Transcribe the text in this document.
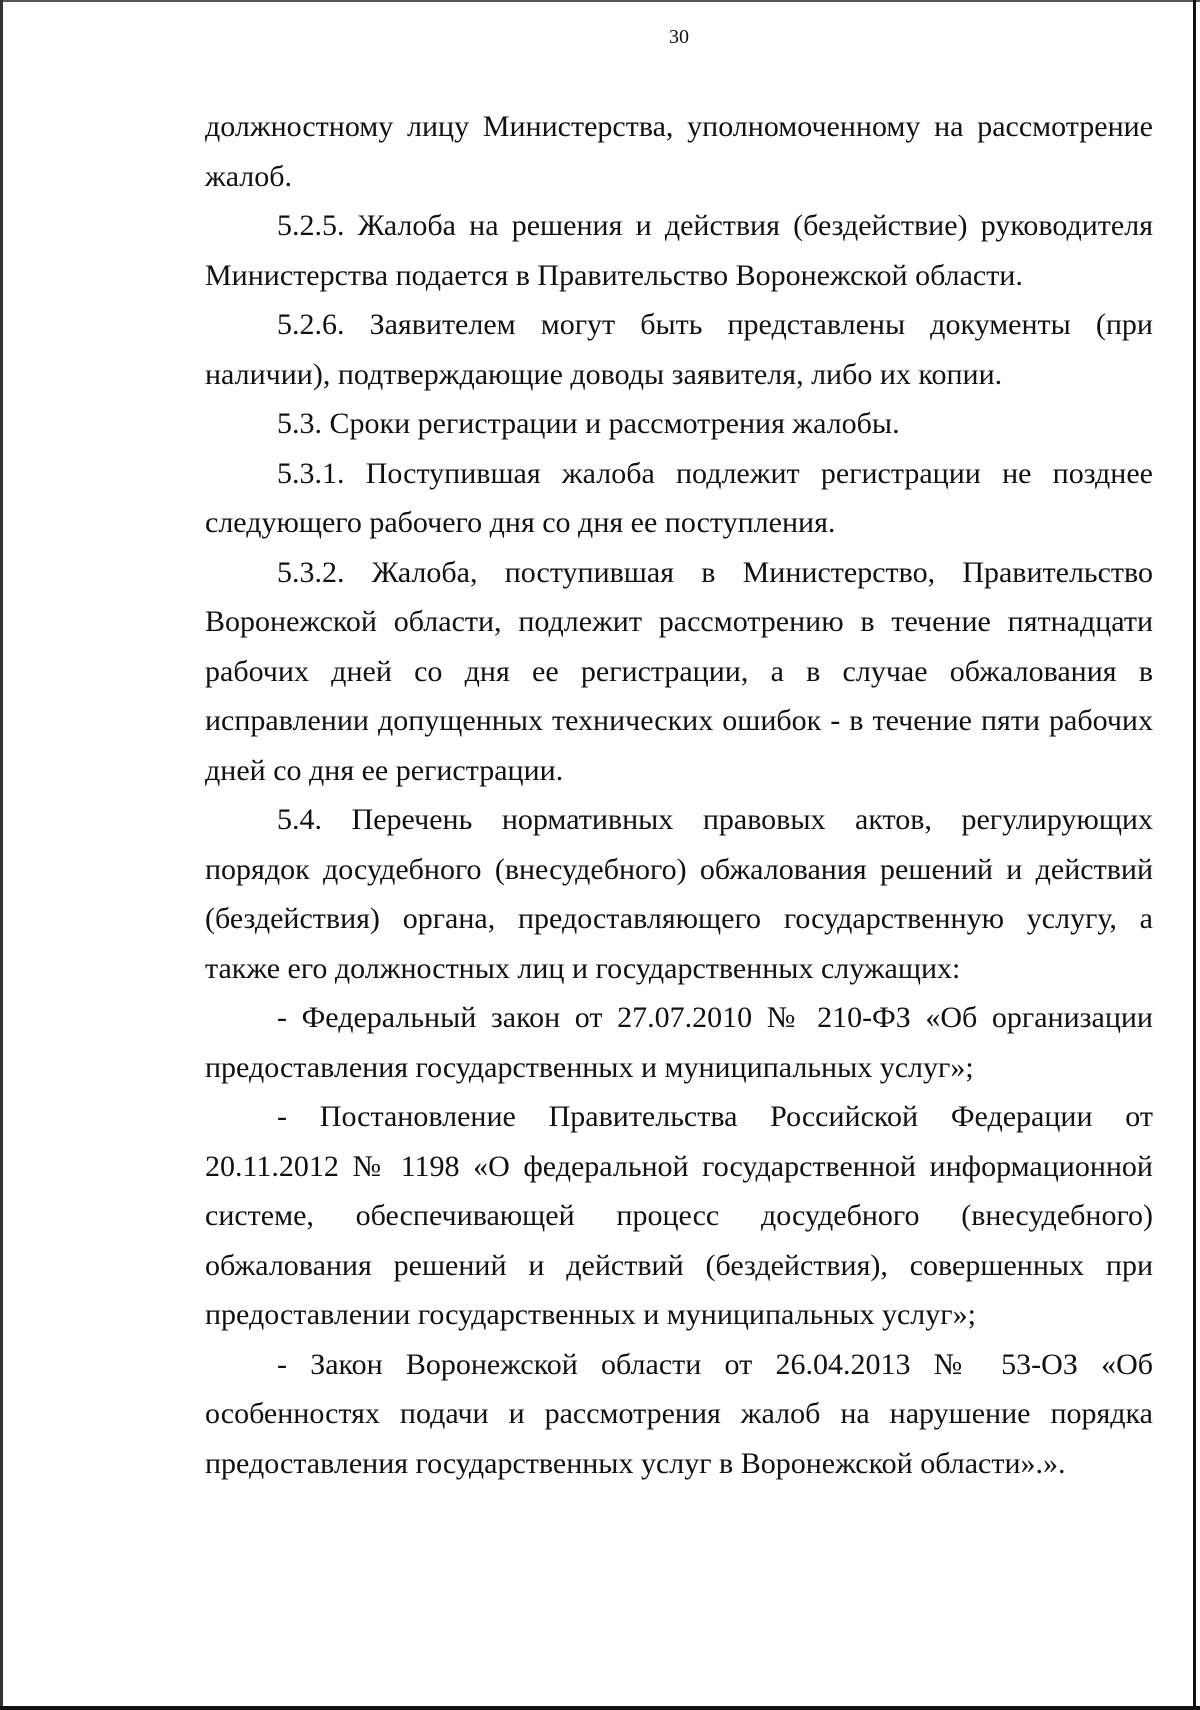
30

должностному лицу Министерства, уполномоченному на рассмотрение жалоб.

5.2.5. Жалоба на решения и действия (бездействие) руководителя Министерства подается в Правительство Воронежской области.

5.2.6. Заявителем могут быть представлены документы (при наличии), подтверждающие доводы заявителя, либо их копии.

5.3. Сроки регистрации и рассмотрения жалобы.

5.3.1. Поступившая жалоба подлежит регистрации не позднее следующего рабочего дня со дня ее поступления.

5.3.2. Жалоба, поступившая в Министерство, Правительство Воронежской области, подлежит рассмотрению в течение пятнадцати рабочих дней со дня ее регистрации, а в случае обжалования в исправлении допущенных технических ошибок - в течение пяти рабочих дней со дня ее регистрации.

5.4. Перечень нормативных правовых актов, регулирующих порядок досудебного (внесудебного) обжалования решений и действий (бездействия) органа, предоставляющего государственную услугу, а также его должностных лиц и государственных служащих:

- Федеральный закон от 27.07.2010 № 210-ФЗ «Об организации предоставления государственных и муниципальных услуг»;

- Постановление Правительства Российской Федерации от 20.11.2012 № 1198 «О федеральной государственной информационной системе, обеспечивающей процесс досудебного (внесудебного) обжалования решений и действий (бездействия), совершенных при предоставлении государственных и муниципальных услуг»;

- Закон Воронежской области от 26.04.2013 № 53-ОЗ «Об особенностях подачи и рассмотрения жалоб на нарушение порядка предоставления государственных услуг в Воронежской области».».
